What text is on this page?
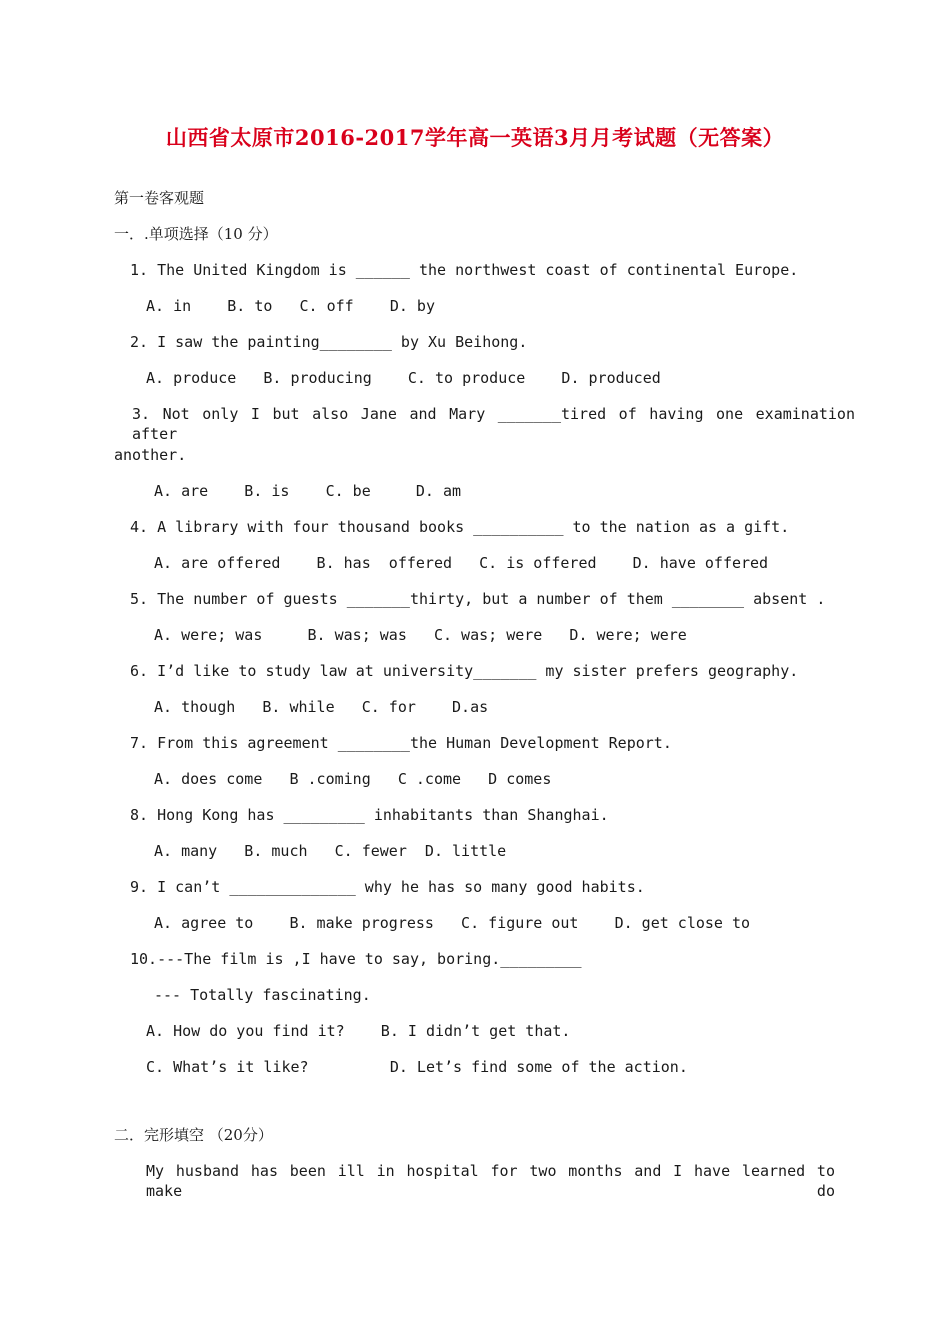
山西省太原市2016-2017学年高一英语3月月考试题（无答案）
第一卷客观题
一．.单项选择（10 分）
1. The United Kingdom is ______ the northwest coast of continental Europe.
A. in    B. to   C. off    D. by
2. I saw the painting________ by Xu Beihong.
A. produce   B. producing    C. to produce    D. produced
3. Not only I but also Jane and Mary _______tired of having one examination after
another.
A. are    B. is    C. be     D. am
4. A library with four thousand books __________ to the nation as a gift.
A. are offered    B. has  offered   C. is offered    D. have offered
5. The number of guests _______thirty, but a number of them ________ absent .
A. were; was     B. was; was   C. was; were   D. were; were
6. I’d like to study law at university_______ my sister prefers geography.
A. though   B. while   C. for    D.as
7. From this agreement ________the Human Development Report.
A. does come   B .coming   C .come   D comes
8. Hong Kong has _________ inhabitants than Shanghai.
A. many   B. much   C. fewer  D. little
9. I can’t ______________ why he has so many good habits.
A. agree to    B. make progress   C. figure out    D. get close to
10.---The film is ,I have to say, boring._________
--- Totally fascinating.
A. How do you find it?    B. I didn’t get that.
C. What’s it like?         D. Let’s find some of the action.
二．完形填空 （20分）
My husband has been ill in hospital for two months and I have learned to make do
